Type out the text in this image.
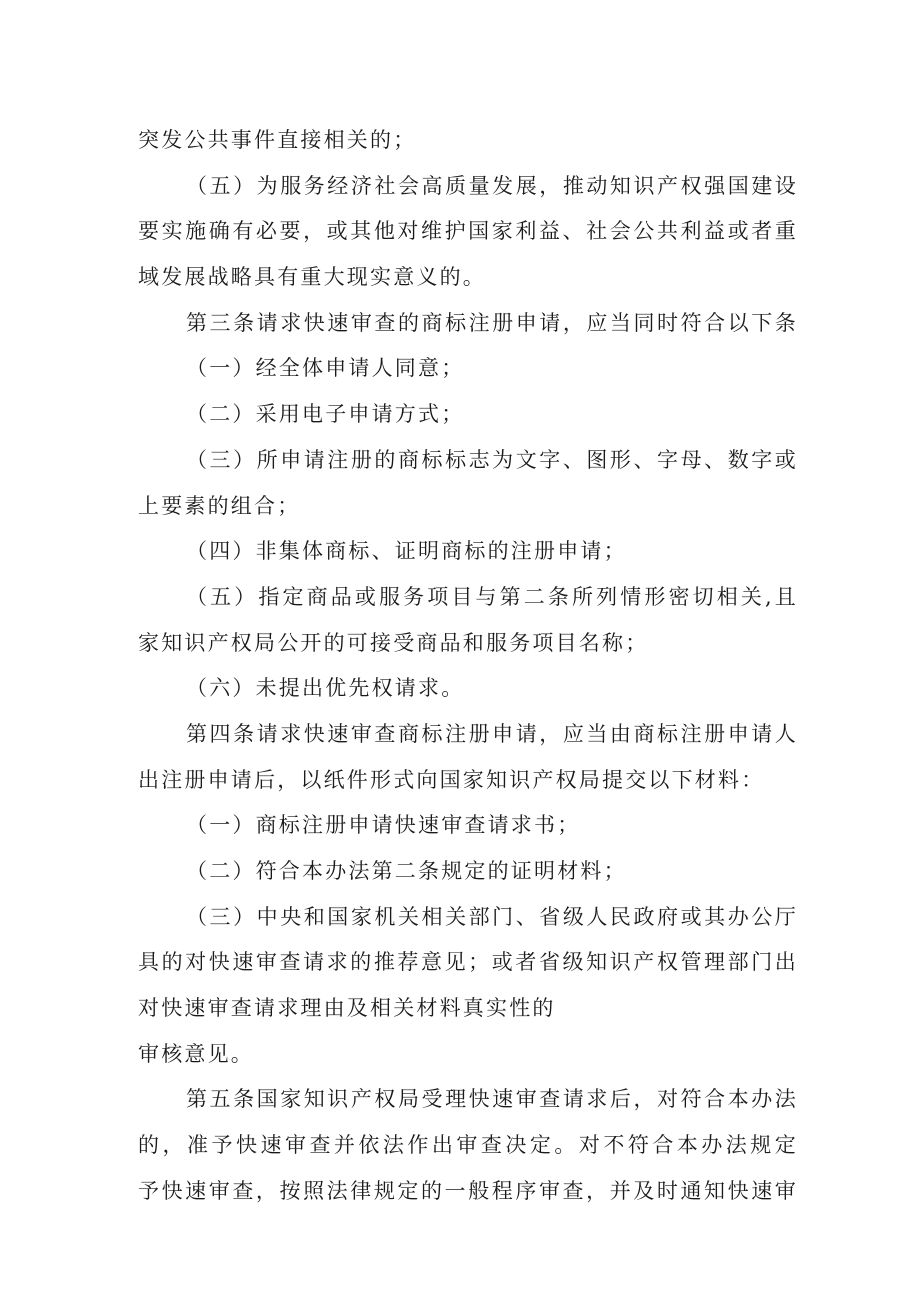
突发公共事件直接相关的；
（五）为服务经济社会高质量发展，推动知识产权强国建设
要实施确有必要，或其他对维护国家利益、社会公共利益或者重
域发展战略具有重大现实意义的。
第三条请求快速审查的商标注册申请，应当同时符合以下条
（一）经全体申请人同意；
（二）采用电子申请方式；
（三）所申请注册的商标标志为文字、图形、字母、数字或
上要素的组合；
（四）非集体商标、证明商标的注册申请；
（五）指定商品或服务项目与第二条所列情形密切相关,且
家知识产权局公开的可接受商品和服务项目名称；
（六）未提出优先权请求。
第四条请求快速审查商标注册申请，应当由商标注册申请人
出注册申请后，以纸件形式向国家知识产权局提交以下材料：
（一）商标注册申请快速审查请求书；
（二）符合本办法第二条规定的证明材料；
（三）中央和国家机关相关部门、省级人民政府或其办公厅
具的对快速审查请求的推荐意见；或者省级知识产权管理部门出
对快速审查请求理由及相关材料真实性的
审核意见。
第五条国家知识产权局受理快速审查请求后，对符合本办法
的，准予快速审查并依法作出审查决定。对不符合本办法规定
予快速审查，按照法律规定的一般程序审查，并及时通知快速审
